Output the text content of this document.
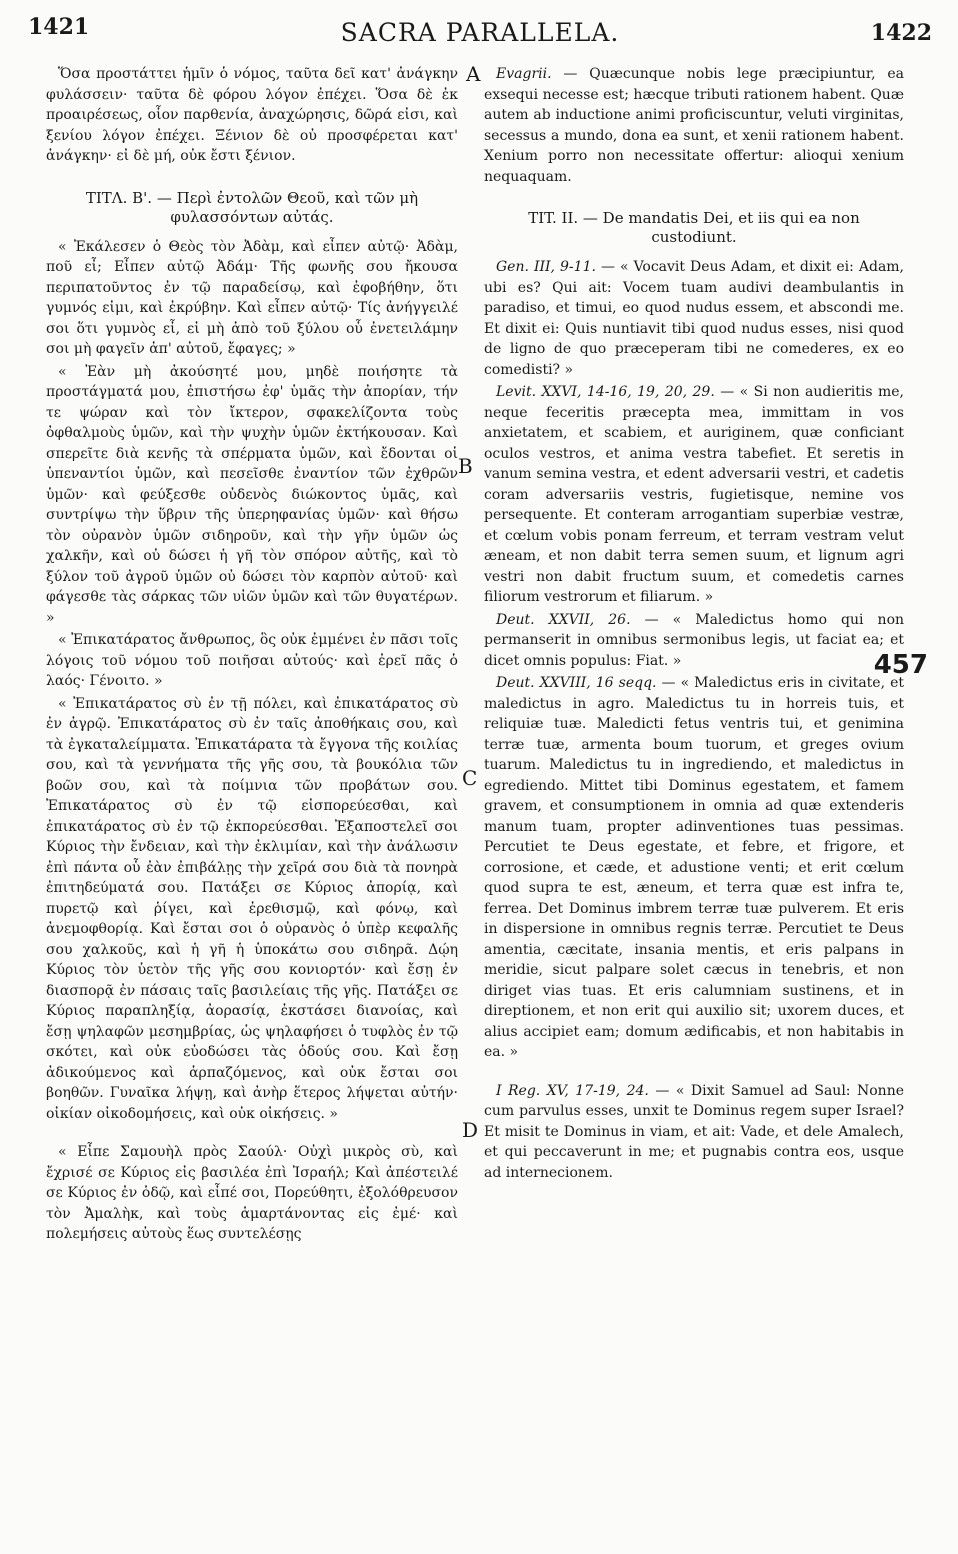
1421	SACRA PARALLELA.	1422
A
B
C
D
457

Ὅσα προστάττει ἡμῖν ὁ νόμος, ταῦτα δεῖ κατ' ἀνάγκην φυλάσσειν· ταῦτα δὲ φόρου λόγον ἐπέχει. Ὅσα δὲ ἐκ προαιρέσεως, οἷον παρθενία, ἀναχώρησις, δῶρά εἰσι, καὶ ξενίου λόγον ἐπέχει. Ξένιον δὲ οὐ προσφέρεται κατ' ἀνάγκην· εἰ δὲ μή, οὐκ ἔστι ξένιον.

ΤΙΤΛ. Β'. — Περὶ ἐντολῶν Θεοῦ, καὶ τῶν μὴ φυλασσόντων αὐτάς.

« Ἐκάλεσεν ὁ Θεὸς τὸν Ἀδὰμ, καὶ εἶπεν αὐτῷ· Ἀδὰμ, ποῦ εἶ; Εἶπεν αὐτῷ Ἀδάμ· Τῆς φωνῆς σου ἤκουσα περιπατοῦντος ἐν τῷ παραδείσῳ, καὶ ἐφοβήθην, ὅτι γυμνός εἰμι, καὶ ἐκρύβην. Καὶ εἶπεν αὐτῷ· Τίς ἀνήγγειλέ σοι ὅτι γυμνὸς εἶ, εἰ μὴ ἀπὸ τοῦ ξύλου οὗ ἐνετειλάμην σοι μὴ φαγεῖν ἀπ' αὐτοῦ, ἔφαγες; »

« Ἐὰν μὴ ἀκούσητέ μου, μηδὲ ποιήσητε τὰ προστάγματά μου, ἐπιστήσω ἐφ' ὑμᾶς τὴν ἀπορίαν, τήν τε ψώραν καὶ τὸν ἴκτερον, σφακελίζοντα τοὺς ὀφθαλμοὺς ὑμῶν, καὶ τὴν ψυχὴν ὑμῶν ἐκτήκουσαν. Καὶ σπερεῖτε διὰ κενῆς τὰ σπέρματα ὑμῶν, καὶ ἔδονται οἱ ὑπεναντίοι ὑμῶν, καὶ πεσεῖσθε ἐναντίον τῶν ἐχθρῶν ὑμῶν· καὶ φεύξεσθε οὐδενὸς διώκοντος ὑμᾶς, καὶ συντρίψω τὴν ὕβριν τῆς ὑπερηφανίας ὑμῶν· καὶ θήσω τὸν οὐρανὸν ὑμῶν σιδηροῦν, καὶ τὴν γῆν ὑμῶν ὡς χαλκῆν, καὶ οὐ δώσει ἡ γῆ τὸν σπόρον αὐτῆς, καὶ τὸ ξύλον τοῦ ἀγροῦ ὑμῶν οὐ δώσει τὸν καρπὸν αὐτοῦ· καὶ φάγεσθε τὰς σάρκας τῶν υἱῶν ὑμῶν καὶ τῶν θυγατέρων. »

« Ἐπικατάρατος ἄνθρωπος, ὃς οὐκ ἐμμένει ἐν πᾶσι τοῖς λόγοις τοῦ νόμου τοῦ ποιῆσαι αὐτούς· καὶ ἐρεῖ πᾶς ὁ λαός· Γένοιτο. »

« Ἐπικατάρατος σὺ ἐν τῇ πόλει, καὶ ἐπικατάρατος σὺ ἐν ἀγρῷ. Ἐπικατάρατος σὺ ἐν ταῖς ἀποθήκαις σου, καὶ τὰ ἐγκαταλείμματα. Ἐπικατάρατα τὰ ἔγγονα τῆς κοιλίας σου, καὶ τὰ γεννήματα τῆς γῆς σου, τὰ βουκόλια τῶν βοῶν σου, καὶ τὰ ποίμνια τῶν προβάτων σου. Ἐπικατάρατος σὺ ἐν τῷ εἰσπορεύεσθαι, καὶ ἐπικατάρατος σὺ ἐν τῷ ἐκπορεύεσθαι. Ἐξαποστελεῖ σοι Κύριος τὴν ἔνδειαν, καὶ τὴν ἐκλιμίαν, καὶ τὴν ἀνάλωσιν ἐπὶ πάντα οὗ ἐὰν ἐπιβάλῃς τὴν χεῖρά σου διὰ τὰ πονηρὰ ἐπιτηδεύματά σου. Πατάξει σε Κύριος ἀπορίᾳ, καὶ πυρετῷ καὶ ῥίγει, καὶ ἐρεθισμῷ, καὶ φόνῳ, καὶ ἀνεμοφθορίᾳ. Καὶ ἔσται σοι ὁ οὐρανὸς ὁ ὑπὲρ κεφαλῆς σου χαλκοῦς, καὶ ἡ γῆ ἡ ὑποκάτω σου σιδηρᾶ. Δῴη Κύριος τὸν ὑετὸν τῆς γῆς σου κονιορτόν· καὶ ἔσῃ ἐν διασπορᾷ ἐν πάσαις ταῖς βασιλείαις τῆς γῆς. Πατάξει σε Κύριος παραπληξίᾳ, ἀορασίᾳ, ἐκστάσει διανοίας, καὶ ἔσῃ ψηλαφῶν μεσημβρίας, ὡς ψηλαφήσει ὁ τυφλὸς ἐν τῷ σκότει, καὶ οὐκ εὐοδώσει τὰς ὁδούς σου. Καὶ ἔσῃ ἀδικούμενος καὶ ἁρπαζόμενος, καὶ οὐκ ἔσται σοι βοηθῶν. Γυναῖκα λήψῃ, καὶ ἀνὴρ ἕτερος λήψεται αὐτήν· οἰκίαν οἰκοδομήσεις, καὶ οὐκ οἰκήσεις. »

« Εἶπε Σαμουὴλ πρὸς Σαούλ· Οὐχὶ μικρὸς σὺ, καὶ ἔχρισέ σε Κύριος εἰς βασιλέα ἐπὶ Ἰσραήλ; Καὶ ἀπέστειλέ σε Κύριος ἐν ὁδῷ, καὶ εἶπέ σοι, Πορεύθητι, ἐξολόθρευσον τὸν Ἀμαλὴκ, καὶ τοὺς ἁμαρτάνοντας εἰς ἐμέ· καὶ πολεμήσεις αὐτοὺς ἕως συντελέσῃς

Evagrii. — Quæcunque nobis lege præcipiuntur, ea exsequi necesse est; hæcque tributi rationem habent. Quæ autem ab inductione animi proficiscuntur, veluti virginitas, secessus a mundo, dona ea sunt, et xenii rationem habent. Xenium porro non necessitate offertur: alioqui xenium nequaquam.

TIT. II. — De mandatis Dei, et iis qui ea non custodiunt.

Gen. III, 9-11. — « Vocavit Deus Adam, et dixit ei: Adam, ubi es? Qui ait: Vocem tuam audivi deambulantis in paradiso, et timui, eo quod nudus essem, et abscondi me. Et dixit ei: Quis nuntiavit tibi quod nudus esses, nisi quod de ligno de quo præceperam tibi ne comederes, ex eo comedisti? »

Levit. XXVI, 14-16, 19, 20, 29. — « Si non audieritis me, neque feceritis præcepta mea, immittam in vos anxietatem, et scabiem, et auriginem, quæ conficiant oculos vestros, et anima vestra tabefiet. Et seretis in vanum semina vestra, et edent adversarii vestri, et cadetis coram adversariis vestris, fugietisque, nemine vos persequente. Et conteram arrogantiam superbiæ vestræ, et cœlum vobis ponam ferreum, et terram vestram velut æneam, et non dabit terra semen suum, et lignum agri vestri non dabit fructum suum, et comedetis carnes filiorum vestrorum et filiarum. »

Deut. XXVII, 26. — « Maledictus homo qui non permanserit in omnibus sermonibus legis, ut faciat ea; et dicet omnis populus: Fiat. »

Deut. XXVIII, 16 seqq. — « Maledictus eris in civitate, et maledictus in agro. Maledictus tu in horreis tuis, et reliquiæ tuæ. Maledicti fetus ventris tui, et genimina terræ tuæ, armenta boum tuorum, et greges ovium tuarum. Maledictus tu in ingrediendo, et maledictus in egrediendo. Mittet tibi Dominus egestatem, et famem gravem, et consumptionem in omnia ad quæ extenderis manum tuam, propter adinventiones tuas pessimas. Percutiet te Deus egestate, et febre, et frigore, et corrosione, et cæde, et adustione venti; et erit cœlum quod supra te est, æneum, et terra quæ est infra te, ferrea. Det Dominus imbrem terræ tuæ pulverem. Et eris in dispersione in omnibus regnis terræ. Percutiet te Deus amentia, cæcitate, insania mentis, et eris palpans in meridie, sicut palpare solet cæcus in tenebris, et non diriget vias tuas. Et eris calumniam sustinens, et in direptionem, et non erit qui auxilio sit; uxorem duces, et alius accipiet eam; domum ædificabis, et non habitabis in ea. »

I Reg. XV, 17-19, 24. — « Dixit Samuel ad Saul: Nonne cum parvulus esses, unxit te Dominus regem super Israel? Et misit te Dominus in viam, et ait: Vade, et dele Amalech, et qui peccaverunt in me; et pugnabis contra eos, usque ad internecionem.
